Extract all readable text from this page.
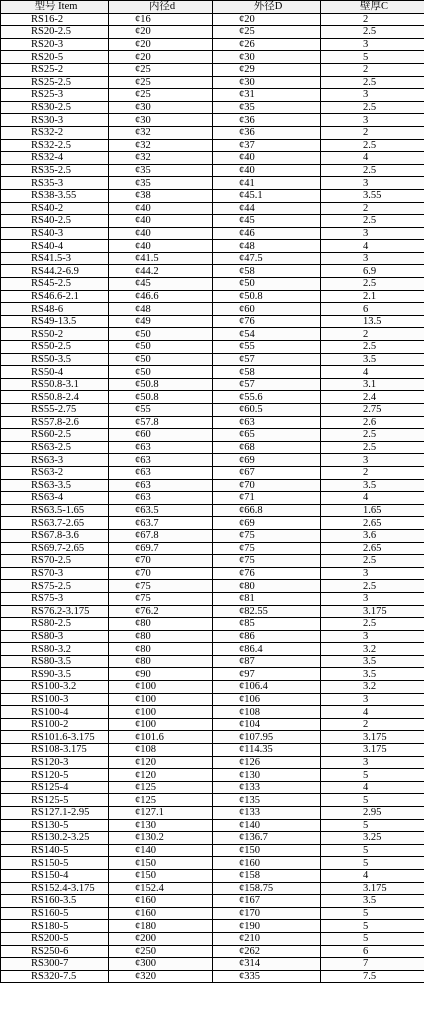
型号 Item	内径d	外径D	壁厚C
RS16-2	¢16	¢20	2
RS20-2.5	¢20	¢25	2.5
RS20-3	¢20	¢26	3
RS20-5	¢20	¢30	5
RS25-2	¢25	¢29	2
RS25-2.5	¢25	¢30	2.5
RS25-3	¢25	¢31	3
RS30-2.5	¢30	¢35	2.5
RS30-3	¢30	¢36	3
RS32-2	¢32	¢36	2
RS32-2.5	¢32	¢37	2.5
RS32-4	¢32	¢40	4
RS35-2.5	¢35	¢40	2.5
RS35-3	¢35	¢41	3
RS38-3.55	¢38	¢45.1	3.55
RS40-2	¢40	¢44	2
RS40-2.5	¢40	¢45	2.5
RS40-3	¢40	¢46	3
RS40-4	¢40	¢48	4
RS41.5-3	¢41.5	¢47.5	3
RS44.2-6.9	¢44.2	¢58	6.9
RS45-2.5	¢45	¢50	2.5
RS46.6-2.1	¢46.6	¢50.8	2.1
RS48-6	¢48	¢60	6
RS49-13.5	¢49	¢76	13.5
RS50-2	¢50	¢54	2
RS50-2.5	¢50	¢55	2.5
RS50-3.5	¢50	¢57	3.5
RS50-4	¢50	¢58	4
RS50.8-3.1	¢50.8	¢57	3.1
RS50.8-2.4	¢50.8	¢55.6	2.4
RS55-2.75	¢55	¢60.5	2.75
RS57.8-2.6	¢57.8	¢63	2.6
RS60-2.5	¢60	¢65	2.5
RS63-2.5	¢63	¢68	2.5
RS63-3	¢63	¢69	3
RS63-2	¢63	¢67	2
RS63-3.5	¢63	¢70	3.5
RS63-4	¢63	¢71	4
RS63.5-1.65	¢63.5	¢66.8	1.65
RS63.7-2.65	¢63.7	¢69	2.65
RS67.8-3.6	¢67.8	¢75	3.6
RS69.7-2.65	¢69.7	¢75	2.65
RS70-2.5	¢70	¢75	2.5
RS70-3	¢70	¢76	3
RS75-2.5	¢75	¢80	2.5
RS75-3	¢75	¢81	3
RS76.2-3.175	¢76.2	¢82.55	3.175
RS80-2.5	¢80	¢85	2.5
RS80-3	¢80	¢86	3
RS80-3.2	¢80	¢86.4	3.2
RS80-3.5	¢80	¢87	3.5
RS90-3.5	¢90	¢97	3.5
RS100-3.2	¢100	¢106.4	3.2
RS100-3	¢100	¢106	3
RS100-4	¢100	¢108	4
RS100-2	¢100	¢104	2
RS101.6-3.175	¢101.6	¢107.95	3.175
RS108-3.175	¢108	¢114.35	3.175
RS120-3	¢120	¢126	3
RS120-5	¢120	¢130	5
RS125-4	¢125	¢133	4
RS125-5	¢125	¢135	5
RS127.1-2.95	¢127.1	¢133	2.95
RS130-5	¢130	¢140	5
RS130.2-3.25	¢130.2	¢136.7	3.25
RS140-5	¢140	¢150	5
RS150-5	¢150	¢160	5
RS150-4	¢150	¢158	4
RS152.4-3.175	¢152.4	¢158.75	3.175
RS160-3.5	¢160	¢167	3.5
RS160-5	¢160	¢170	5
RS180-5	¢180	¢190	5
RS200-5	¢200	¢210	5
RS250-6	¢250	¢262	6
RS300-7	¢300	¢314	7
RS320-7.5	¢320	¢335	7.5
